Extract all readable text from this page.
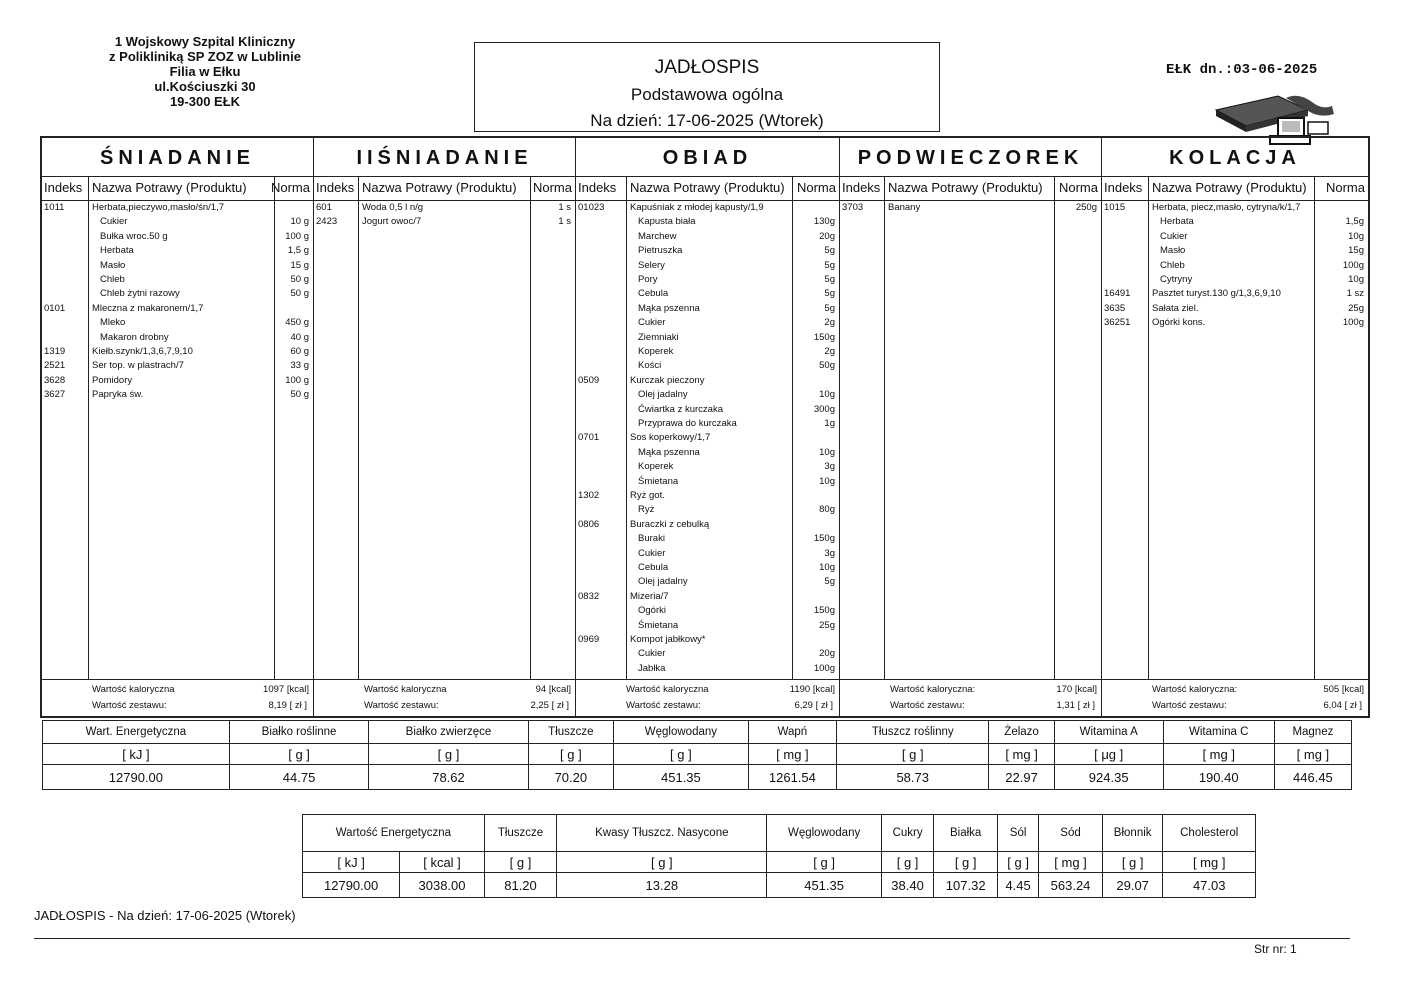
1 Wojskowy Szpital Kliniczny
z Polikliniką SP ZOZ w Lublinie
Filia w Ełku
ul.Kościuszki 30
19-300 EŁK
JADŁOSPIS
Podstawowa ogólna
Na dzień: 17-06-2025 (Wtorek)
EŁK dn.:03-06-2025
ŚNIADANIE
Indeks Nazwa Potrawy (Produktu) Norma
1011	Herbata,pieczywo,masło/śn/1,7
Cukier	10 g
Bułka wroc.50 g	100 g
Herbata	1,5 g
Masło	15 g
Chleb	50 g
Chleb żytni razowy	50 g
0101	Mleczna z makaronem/1,7
Mleko	450 g
Makaron drobny	40 g
1319	Kiełb.szynk/1,3,6,7,9,10	60 g
2521	Ser top. w plastrach/7	33 g
3628	Pomidory	100 g
3627	Papryka św.	50 g
Wartość kaloryczna	1097 [kcal]
Wartość zestawu:	8,19 [ zł ]
IIŚNIADANIE
Indeks Nazwa Potrawy (Produktu) Norma
601	Woda 0,5 l n/g	1 s
2423	Jogurt owoc/7	1 s
Wartość kaloryczna	94 [kcal]
Wartość zestawu:	2,25 [ zł ]
OBIAD
Indeks Nazwa Potrawy (Produktu) Norma
01023	Kapuśniak z młodej kapusty/1,9
Kapusta biała	130g
Marchew	20g
Pietruszka	5g
Selery	5g
Pory	5g
Cebula	5g
Mąka pszenna	5g
Cukier	2g
Ziemniaki	150g
Koperek	2g
Kości	50g
0509	Kurczak pieczony
Olej jadalny	10g
Ćwiartka z kurczaka	300g
Przyprawa do kurczaka	1g
0701	Sos koperkowy/1,7
Mąka pszenna	10g
Koperek	3g
Śmietana	10g
1302	Ryż got.
Ryż	80g
0806	Buraczki z cebulką
Buraki	150g
Cukier	3g
Cebula	10g
Olej jadalny	5g
0832	Mizeria/7
Ogórki	150g
Śmietana	25g
0969	Kompot jabłkowy*
Cukier	20g
Jabłka	100g
Wartość kaloryczna	1190 [kcal]
Wartość zestawu:	6,29 [ zł ]
PODWIECZOREK
Indeks Nazwa Potrawy (Produktu) Norma
3703	Banany	250g
Wartość kaloryczna:	170 [kcal]
Wartość zestawu:	1,31 [ zł ]
KOLACJA
Indeks Nazwa Potrawy (Produktu) Norma
1015	Herbata, piecz,masło, cytryna/k/1,7
Herbata	1,5g
Cukier	10g
Masło	15g
Chleb	100g
Cytryny	10g
16491 Pasztet turyst.130 g/1,3,6,9,10	1 sz
3635	Sałata ziel.	25g
36251 Ogórki kons.	100g
Wartość kaloryczna:	505 [kcal]
Wartość zestawu:	6,04 [ zł ]
Wart. Energetyczna	Białko roślinne	Białko zwierzęce	Tłuszcze	Węglowodany	Wapń	Tłuszcz roślinny	Żelazo	Witamina A	Witamina C	Magnez
[ kJ ]	[ g ]	[ g ]	[ g ]	[ g ]	[ mg ]	[ g ]	[ mg ]	[ μg ]	[ mg ]	[ mg ]
12790.00	44.75	78.62	70.20	451.35	1261.54	58.73	22.97	924.35	190.40	446.45
Wartość Energetyczna		Tłuszcze	Kwasy Tłuszcz. Nasycone	Węglowodany	Cukry	Białka	Sól	Sód	Błonnik	Cholesterol
[ kJ ]	[ kcal ]	[ g ]	[ g ]	[ g ]	[ g ]	[ g ]	[ g ]	[ mg ]	[ g ]	[ mg ]
12790.00	3038.00	81.20	13.28	451.35	38.40	107.32	4.45	563.24	29.07	47.03
JADŁOSPIS - Na dzień: 17-06-2025 (Wtorek)
Str nr: 1
